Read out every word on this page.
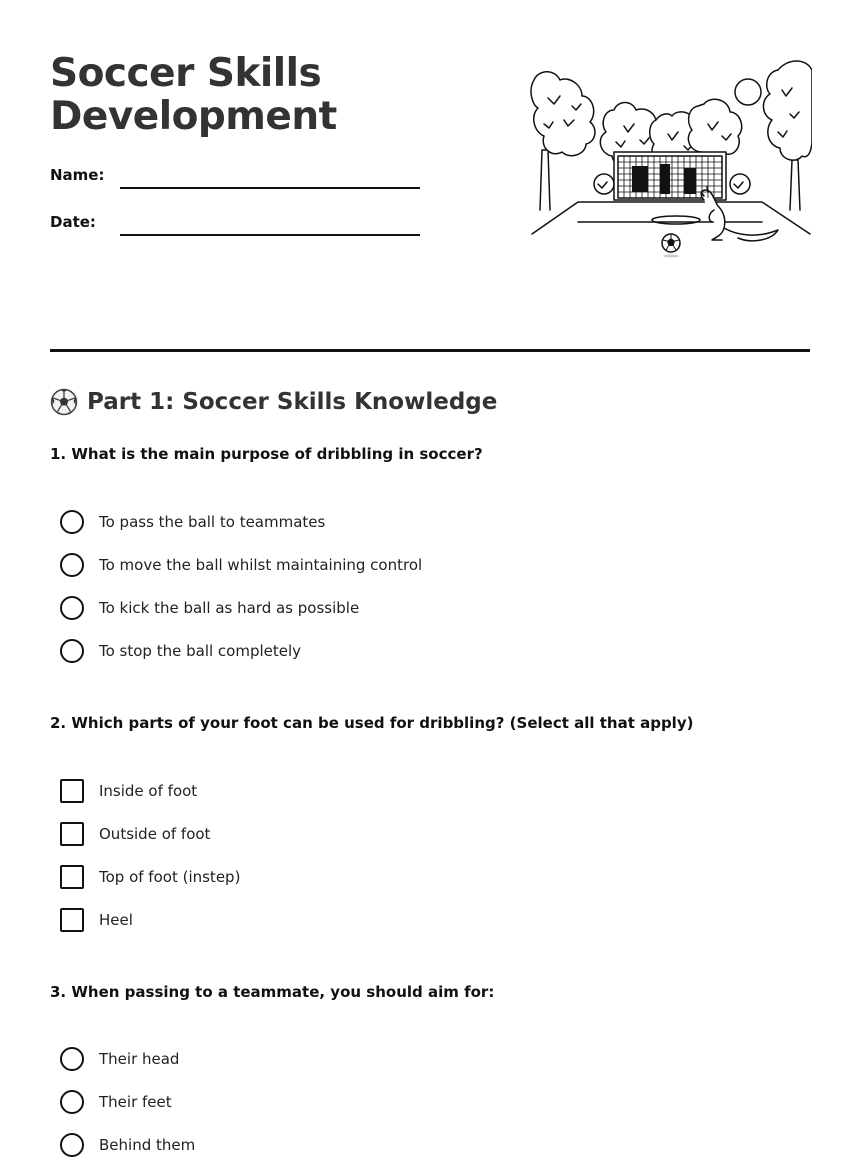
Soccer Skills
Development
Name:
Date:
Part 1: Soccer Skills Knowledge
1. What is the main purpose of dribbling in soccer?
To pass the ball to teammates
To move the ball whilst maintaining control
To kick the ball as hard as possible
To stop the ball completely
2. Which parts of your foot can be used for dribbling? (Select all that apply)
Inside of foot
Outside of foot
Top of foot (instep)
Heel
3. When passing to a teammate, you should aim for:
Their head
Their feet
Behind them
